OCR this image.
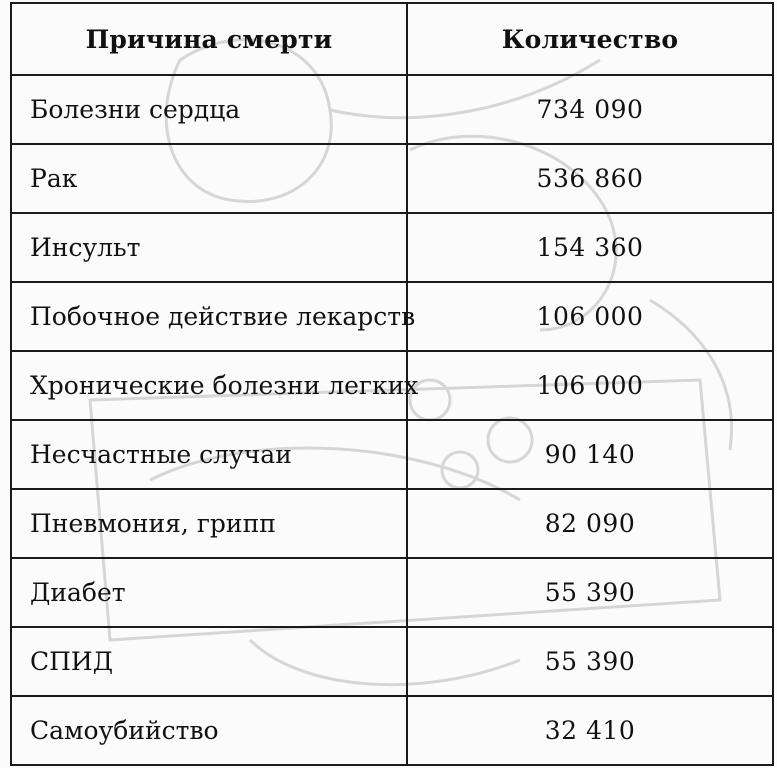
Причина смерти	Количество
Болезни сердца	734 090
Рак	536 860
Инсульт	154 360
Побочное действие лекарств	106 000
Хронические болезни легких	106 000
Несчастные случаи	90 140
Пневмония, грипп	82 090
Диабет	55 390
СПИД	55 390
Самоубийство	32 410
